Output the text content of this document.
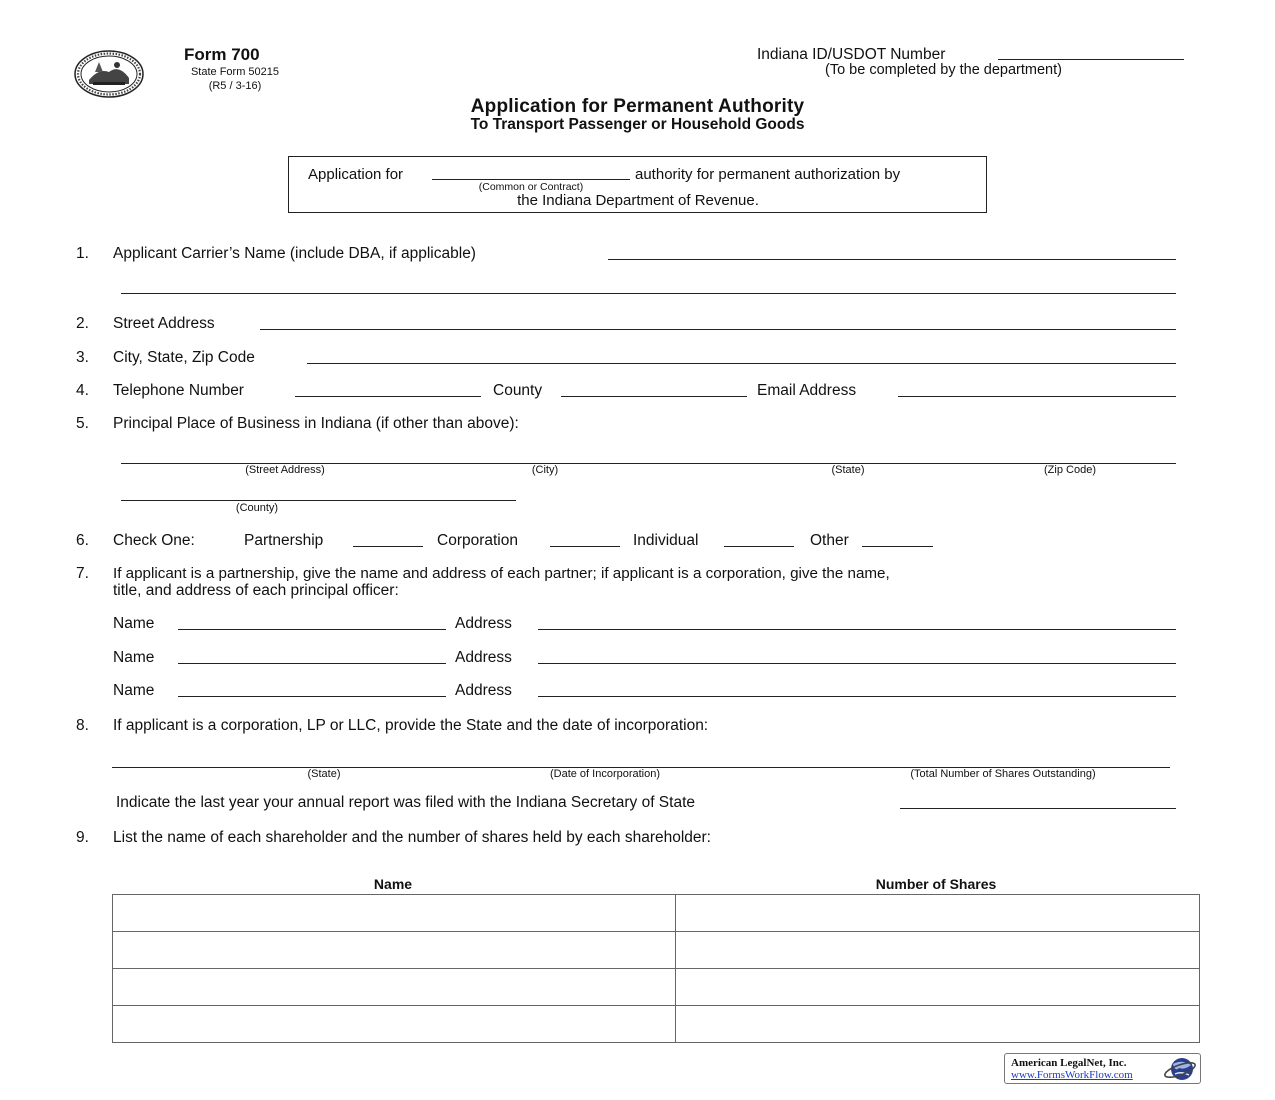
Form 700
State Form 50215
(R5 / 3-16)
Indiana ID/USDOT Number
(To be completed by the department)
Application for Permanent Authority
To Transport Passenger or Household Goods
Application for	authority for permanent authorization by
(Common or Contract)
the Indiana Department of Revenue.
1. Applicant Carrier’s Name (include DBA, if applicable)
2. Street Address
3. City, State, Zip Code
4. Telephone Number	County	Email Address
5. Principal Place of Business in Indiana (if other than above):
(Street Address)	(City)	(State)	(Zip Code)
(County)
6. Check One:	Partnership	Corporation	Individual	Other
7. If applicant is a partnership, give the name and address of each partner; if applicant is a corporation, give the name,
title, and address of each principal officer:
Name	Address
Name	Address
Name	Address
8. If applicant is a corporation, LP or LLC, provide the State and the date of incorporation:
(State)	(Date of Incorporation)	(Total Number of Shares Outstanding)
Indicate the last year your annual report was filed with the Indiana Secretary of State
9. List the name of each shareholder and the number of shares held by each shareholder:
Name	Number of Shares

American LegalNet, Inc.
www.FormsWorkFlow.com
